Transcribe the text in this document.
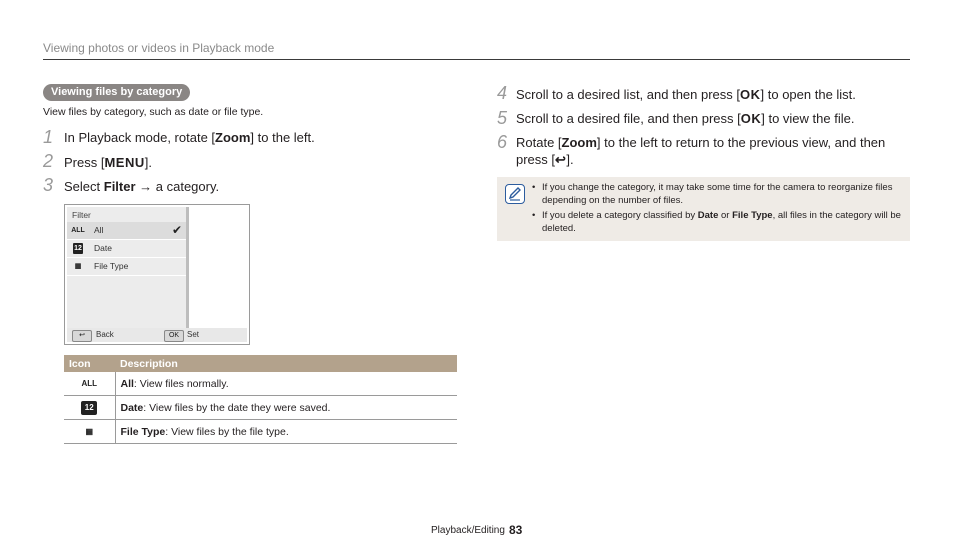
Viewing photos or videos in Playback mode
Viewing files by category
View files by category, such as date or file type.
1 In Playback mode, rotate [Zoom] to the left.
2 Press [MENU].
3 Select Filter → a category.
Filter
ALL All	✔
12 Date
▦	File Type
↩	Back	OK Set
Icon	Description
ALL	All: View files normally.
12	Date: View files by the date they were saved.
▦	File Type: View files by the file type.
4 Scroll to a desired list, and then press [OK] to open the list.
5 Scroll to a desired file, and then press [OK] to view the file.
6 Rotate [Zoom] to the left to return to the previous view, and then press [↩].
• If you change the category, it may take some time for the camera to reorganize files depending on the number of files.
• If you delete a category classified by Date or File Type, all files in the category will be deleted.
Playback/Editing 83
